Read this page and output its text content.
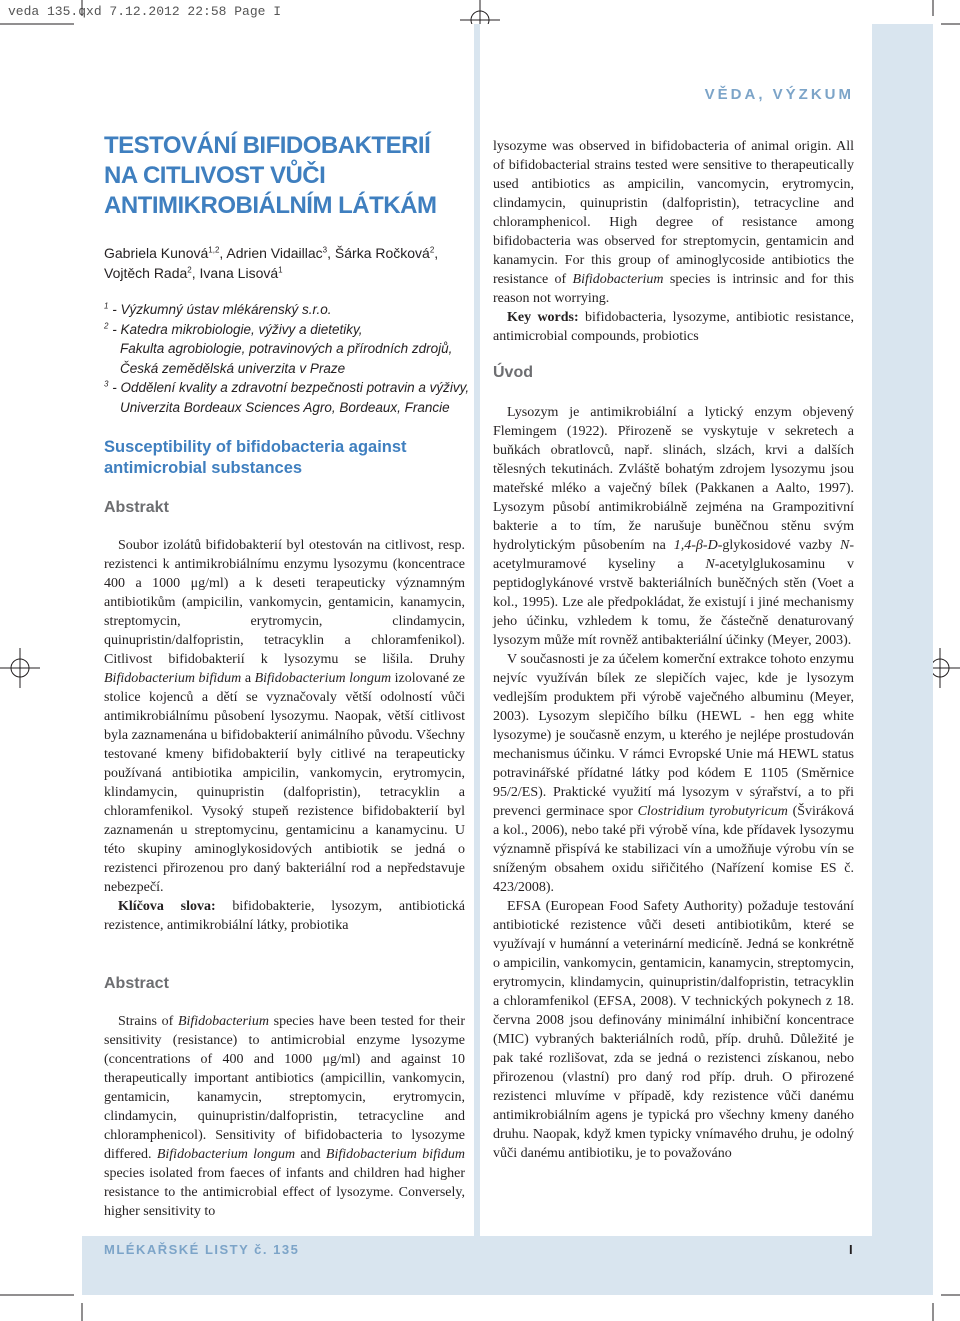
veda 135.qxd 7.12.2012 22:58 Page I
VĚDA, VÝZKUM
TESTOVÁNÍ BIFIDOBAKTERIÍ
NA CITLIVOST VŮČI
ANTIMIKROBIÁLNÍM LÁTKÁM
Gabriela Kunová$^{1,2}$, Adrien Vidaillac$^3$, Šárka Ročková$^2$, Vojtěch Rada$^2$, Ivana Lisová$^1$
$^1$ - Výzkumný ústav mlékárenský s.r.o.
$^2$ - Katedra mikrobiologie, výživy a dietetiky,
Fakulta agrobiologie, potravinových a přírodních zdrojů,
Česká zemědělská univerzita v Praze
$^3$ - Oddělení kvality a zdravotní bezpečnosti potravin a výživy,
Univerzita Bordeaux Sciences Agro, Bordeaux, Francie
Susceptibility of bifidobacteria against
antimicrobial substances
Abstrakt

Soubor izolátů bifidobakterií byl otestován na citlivost, resp. rezistenci k antimikrobiálnímu enzymu lysozymu (koncentrace 400 a 1000 μg/ml) a k deseti terapeuticky významným antibiotikům (ampicilin, vankomycin, gentamicin, kanamycin, streptomycin, erytromycin, clindamycin, quinupristin/dalfopristin, tetracyklin a chloramfenikol). Citlivost bifidobakterií k lysozymu se lišila. Druhy Bifidobacterium bifidum a Bifidobacterium longum izolované ze stolice kojenců a dětí se vyznačovaly větší odolností vůči antimikrobiálnímu působení lysozymu. Naopak, větší citlivost byla zaznamenána u bifidobakterií animálního původu. Všechny testované kmeny bifidobakterií byly citlivé na terapeuticky používaná antibiotika ampicilin, vankomycin, erytromycin, klindamycin, quinupristin (dalfopristin), tetracyklin a chloramfenikol. Vysoký stupeň rezistence bifidobakterií byl zaznamenán u streptomycinu, gentamicinu a kanamycinu. U této skupiny aminoglykosidových antibiotik se jedná o rezistenci přirozenou pro daný bakteriální rod a nepředstavuje nebezpečí.

Klíčova slova: bifidobakterie, lysozym, antibiotická rezistence, antimikrobiální látky, probiotika

Abstract

Strains of Bifidobacterium species have been tested for their sensitivity (resistance) to antimicrobial enzyme lysozyme (concentrations of 400 and 1000 μg/ml) and against 10 therapeutically important antibiotics (ampicillin, vankomycin, gentamicin, kanamycin, streptomycin, erytromycin, clindamycin, quinupristin/dalfopristin, tetracycline and chloramphenicol). Sensitivity of bifidobacteria to lysozyme differed. Bifidobacterium longum and Bifidobacterium bifidum species isolated from faeces of infants and children had higher resistance to the antimicrobial effect of lysozyme. Conversely, higher sensitivity to

lysozyme was observed in bifidobacteria of animal origin. All of bifidobacterial strains tested were sensitive to therapeutically used antibiotics as ampicilin, vancomycin, erytromycin, clindamycin, quinupristin (dalfopristin), tetracycline and chloramphenicol. High degree of resistance among bifidobacteria was observed for streptomycin, gentamicin and kanamycin. For this group of aminoglycoside antibiotics the resistance of Bifidobacterium species is intrinsic and for this reason not worrying.

Key words: bifidobacteria, lysozyme, antibiotic resistance, antimicrobial compounds, probiotics

Úvod

Lysozym je antimikrobiální a lytický enzym objevený Flemingem (1922). Přirozeně se vyskytuje v sekretech a buňkách obratlovců, např. slinách, slzách, krvi a dalších tělesných tekutinách. Zvláště bohatým zdrojem lysozymu jsou mateřské mléko a vaječný bílek (Pakkanen a Aalto, 1997). Lysozym působí antimikrobiálně zejména na Grampozitivní bakterie a to tím, že narušuje buněčnou stěnu svým hydrolytickým působením na 1,4-β-D-glykosidové vazby N-acetylmuramové kyseliny a N-acetylglukosaminu v peptidoglykánové vrstvě bakteriálních buněčných stěn (Voet a kol., 1995). Lze ale předpokládat, že existují i jiné mechanismy jeho účinku, vzhledem k tomu, že částečně denaturovaný lysozym může mít rovněž antibakteriální účinky (Meyer, 2003).

V současnosti je za účelem komerční extrakce tohoto enzymu nejvíc využíván bílek ze slepičích vajec, kde je lysozym vedlejším produktem při výrobě vaječného albuminu (Meyer, 2003). Lysozym slepičího bílku (HEWL - hen egg white lysozyme) je současně enzym, u kterého je nejlépe prostudován mechanismus účinku. V rámci Evropské Unie má HEWL status potravinářské přídatné látky pod kódem E 1105 (Směrnice 95/2/ES). Praktické využití má lysozym v sýrařství, a to při prevenci germinace spor Clostridium tyrobutyricum (Šviráková a kol., 2006), nebo také při výrobě vína, kde přídavek lysozymu významně přispívá ke stabilizaci vín a umožňuje výrobu vín se sníženým obsahem oxidu siřičitého (Nařízení komise ES č. 423/2008).

EFSA (European Food Safety Authority) požaduje testování antibiotické rezistence vůči deseti antibiotikům, které se využívají v humánní a veterinární medicíně. Jedná se konkrétně o ampicilin, vankomycin, gentamicin, kanamycin, streptomycin, erytromycin, klindamycin, quinupristin/dalfopristin, tetracyklin a chloramfenikol (EFSA, 2008). V technických pokynech z 18. června 2008 jsou definovány minimální inhibiční koncentrace (MIC) vybraných bakteriálních rodů, příp. druhů. Důležité je pak také rozlišovat, zda se jedná o rezistenci získanou, nebo přirozenou (vlastní) pro daný rod příp. druh. O přirozené rezistenci mluvíme v případě, kdy rezistence vůči danému antimikrobiálním agens je typická pro všechny kmeny daného druhu. Naopak, když kmen typicky vnímavého druhu, je odolný vůči danému antibiotiku, je to považováno

MLÉKAŘSKÉ LISTY č. 135	I
